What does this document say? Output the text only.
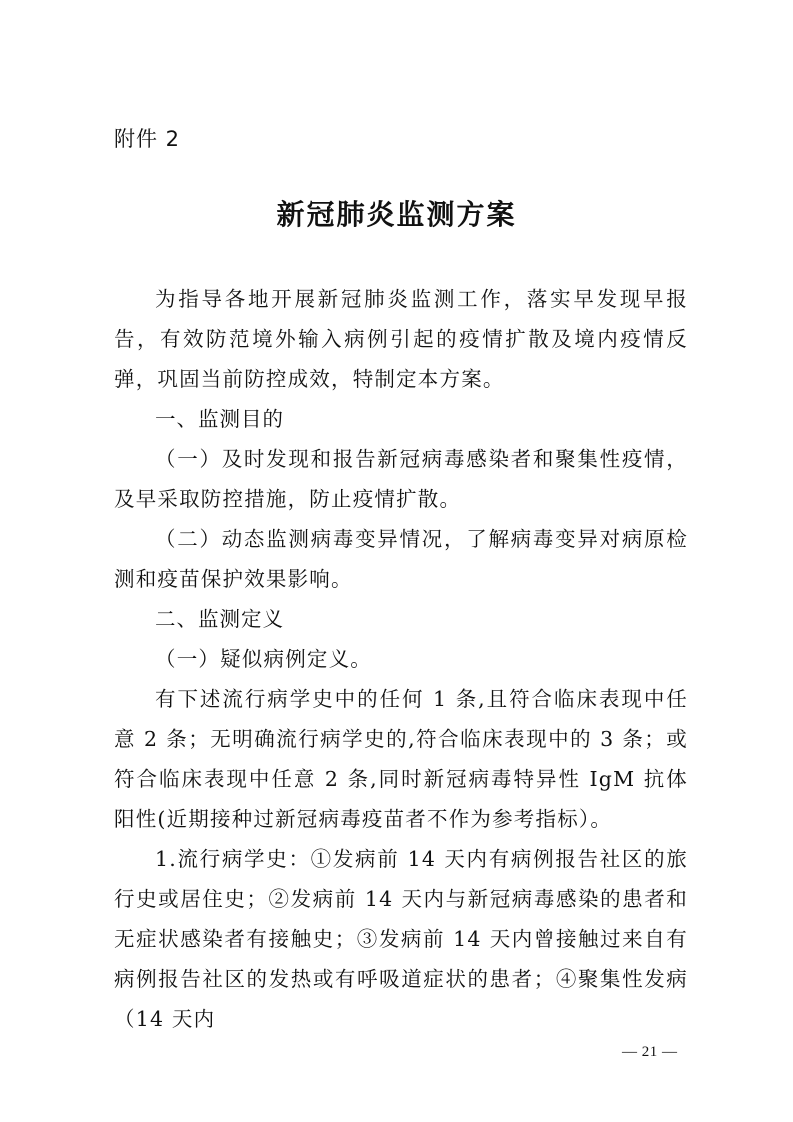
附件 2
新冠肺炎监测方案

为指导各地开展新冠肺炎监测工作，落实早发现早报告，有效防范境外输入病例引起的疫情扩散及境内疫情反弹，巩固当前防控成效，特制定本方案。

一、监测目的

（一）及时发现和报告新冠病毒感染者和聚集性疫情，及早采取防控措施，防止疫情扩散。

（二）动态监测病毒变异情况，了解病毒变异对病原检测和疫苗保护效果影响。

二、监测定义

（一）疑似病例定义。

有下述流行病学史中的任何 1 条,且符合临床表现中任意 2 条；无明确流行病学史的,符合临床表现中的 3 条；或符合临床表现中任意 2 条,同时新冠病毒特异性 IgM 抗体阳性(近期接种过新冠病毒疫苗者不作为参考指标）。

1.流行病学史：①发病前 14 天内有病例报告社区的旅行史或居住史；②发病前 14 天内与新冠病毒感染的患者和无症状感染者有接触史；③发病前 14 天内曾接触过来自有病例报告社区的发热或有呼吸道症状的患者；④聚集性发病（14 天内

— 21 —
